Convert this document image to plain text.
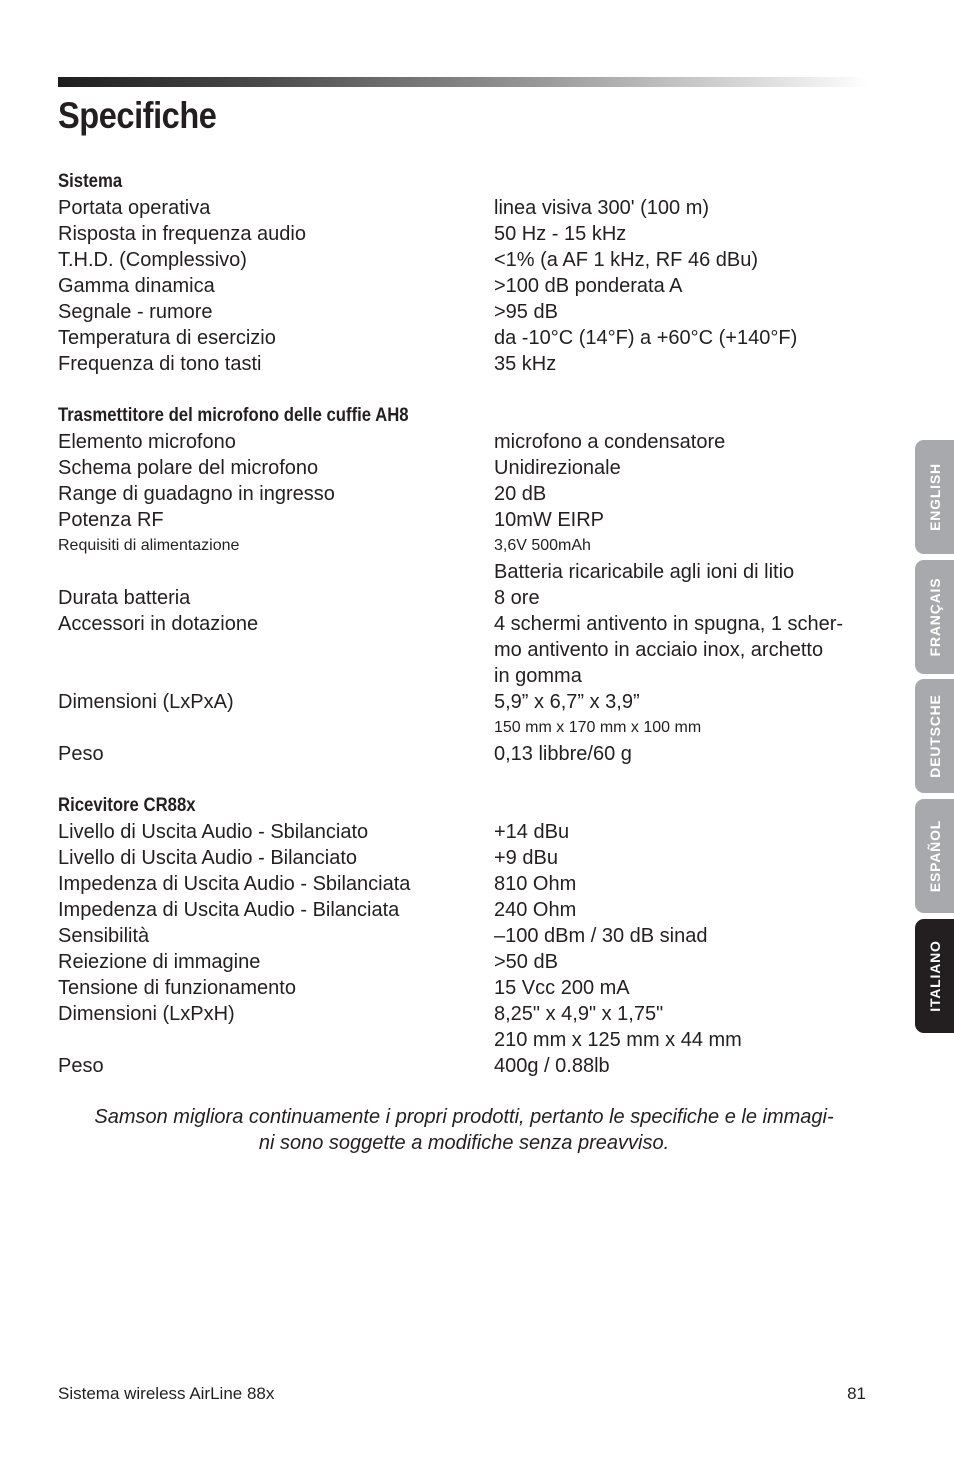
Specifiche
Sistema
Portata operativa	linea visiva 300' (100 m)
Risposta in frequenza audio	50 Hz - 15 kHz
T.H.D. (Complessivo)	<1% (a AF 1 kHz, RF 46 dBu)
Gamma dinamica	>100 dB ponderata A
Segnale - rumore	>95 dB
Temperatura di esercizio	da -10°C (14°F) a +60°C (+140°F)
Frequenza di tono tasti	35 kHz
Trasmettitore del microfono delle cuffie AH8
Elemento microfono	microfono a condensatore
Schema polare del microfono	Unidirezionale
Range di guadagno in ingresso	20 dB
Potenza RF	10mW EIRP
Requisiti di alimentazione	3,6V 500mAh
Batteria ricaricabile agli ioni di litio
Durata batteria	8 ore
Accessori in dotazione	4 schermi antivento in spugna, 1 scher-
mo antivento in acciaio inox, archetto
in gomma
Dimensioni (LxPxA)	5,9” x 6,7” x 3,9”
150 mm x 170 mm x 100 mm
Peso	0,13 libbre/60 g
Ricevitore CR88x
Livello di Uscita Audio - Sbilanciato	+14 dBu
Livello di Uscita Audio - Bilanciato	+9 dBu
Impedenza di Uscita Audio - Sbilanciata	810 Ohm
Impedenza di Uscita Audio - Bilanciata	240 Ohm
Sensibilità	–100 dBm / 30 dB sinad
Reiezione di immagine	>50 dB
Tensione di funzionamento	15 Vcc 200 mA
Dimensioni (LxPxH)	8,25" x 4,9" x 1,75"
210 mm x 125 mm x 44 mm
Peso	400g / 0.88lb
Samson migliora continuamente i propri prodotti, pertanto le specifiche e le immagi-
ni sono soggette a modifiche senza preavviso.
Sistema wireless AirLine 88x	81
ENGLISH
FRANÇAIS
DEUTSCHE
ESPAÑOL
ITALIANO
